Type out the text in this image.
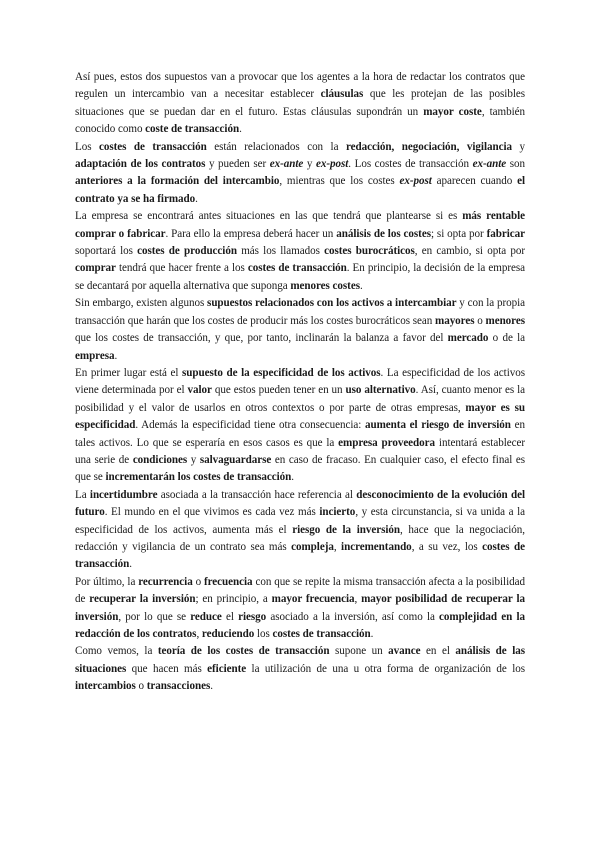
Así pues, estos dos supuestos van a provocar que los agentes a la hora de redactar los contratos que regulen un intercambio van a necesitar establecer cláusulas que les protejan de las posibles situaciones que se puedan dar en el futuro. Estas cláusulas supondrán un mayor coste, también conocido como coste de transacción.

Los costes de transacción están relacionados con la redacción, negociación, vigilancia y adaptación de los contratos y pueden ser ex-ante y ex-post. Los costes de transacción ex-ante son anteriores a la formación del intercambio, mientras que los costes ex-post aparecen cuando el contrato ya se ha firmado.

La empresa se encontrará antes situaciones en las que tendrá que plantearse si es más rentable comprar o fabricar. Para ello la empresa deberá hacer un análisis de los costes; si opta por fabricar soportará los costes de producción más los llamados costes burocráticos, en cambio, si opta por comprar tendrá que hacer frente a los costes de transacción. En principio, la decisión de la empresa se decantará por aquella alternativa que suponga menores costes.

Sin embargo, existen algunos supuestos relacionados con los activos a intercambiar y con la propia transacción que harán que los costes de producir más los costes burocráticos sean mayores o menores que los costes de transacción, y que, por tanto, inclinarán la balanza a favor del mercado o de la empresa.

En primer lugar está el supuesto de la especificidad de los activos. La especificidad de los activos viene determinada por el valor que estos pueden tener en un uso alternativo. Así, cuanto menor es la posibilidad y el valor de usarlos en otros contextos o por parte de otras empresas, mayor es su especificidad. Además la especificidad tiene otra consecuencia: aumenta el riesgo de inversión en tales activos. Lo que se esperaría en esos casos es que la empresa proveedora intentará establecer una serie de condiciones y salvaguardarse en caso de fracaso. En cualquier caso, el efecto final es que se incrementarán los costes de transacción.

La incertidumbre asociada a la transacción hace referencia al desconocimiento de la evolución del futuro. El mundo en el que vivimos es cada vez más incierto, y esta circunstancia, si va unida a la especificidad de los activos, aumenta más el riesgo de la inversión, hace que la negociación, redacción y vigilancia de un contrato sea más compleja, incrementando, a su vez, los costes de transacción.

Por último, la recurrencia o frecuencia con que se repite la misma transacción afecta a la posibilidad de recuperar la inversión; en principio, a mayor frecuencia, mayor posibilidad de recuperar la inversión, por lo que se reduce el riesgo asociado a la inversión, así como la complejidad en la redacción de los contratos, reduciendo los costes de transacción.

Como vemos, la teoría de los costes de transacción supone un avance en el análisis de las situaciones que hacen más eficiente la utilización de una u otra forma de organización de los intercambios o transacciones.
